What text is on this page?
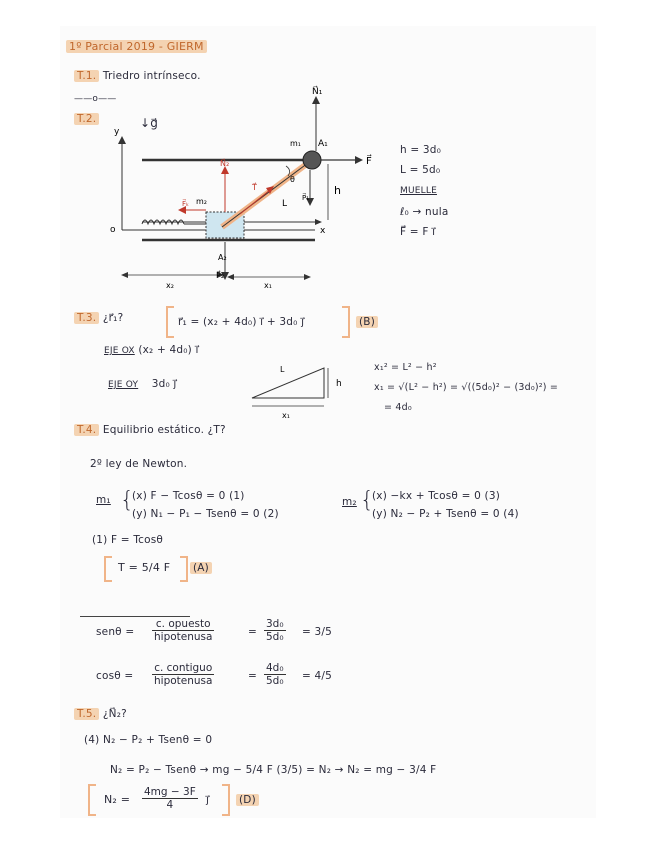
1º Parcial 2019 - GIERM
T.1. Triedro intrínseco.
——o——
T.2.	↓g⃗
N⃗₁
m₁ A₁
F⃗
N⃗₂
T⃗
θ
L
F⃗ₖ m₂	P⃗₁
h
A₂
P⃗₂
y
o	x
x₂	x₁
h = 3d₀
L = 5d₀
MUELLE
ℓ₀ → nula
F⃗ = F i⃗
T.3. ¿r⃗₁?	r⃗₁ = (x₂ + 4d₀) i⃗ + 3d₀ j⃗	(B)
EJE OX (x₂ + 4d₀) i⃗
EJE OY 3d₀ j⃗
L
h
x₁
x₁² = L² − h²
x₁ = √(L² − h²) = √((5d₀)² − (3d₀)²) =
= 4d₀
T.4. Equilibrio estático. ¿T?
2º ley de Newton.
m₁ {
(x) F − Tcosθ = 0 (1)
(y) N₁ − P₁ − Tsenθ = 0 (2)
m₂ {
(x) −kx + Tcosθ = 0 (3)
(y) N₂ − P₂ + Tsenθ = 0 (4)
(1) F = Tcosθ
T = 5/4 F (A)
senθ =
c. opuesto
hipotenusa	= $\frac{\text{3d₀}}{\text{5d₀}} = 3/5$
cosθ =
c. contiguo
hipotenusa	= $\frac{\text{4d₀}}{\text{5d₀}} = 4/5$
T.5. ¿N⃗₂?
(4) N₂ − P₂ + Tsenθ = 0
N₂ = P₂ − Tsenθ → mg − 5/4 F (3/5) = N₂ → N₂ = mg − 3/4 F
$N_2 = \frac{4mg - 3F}{4}$ j⃗	(D)
